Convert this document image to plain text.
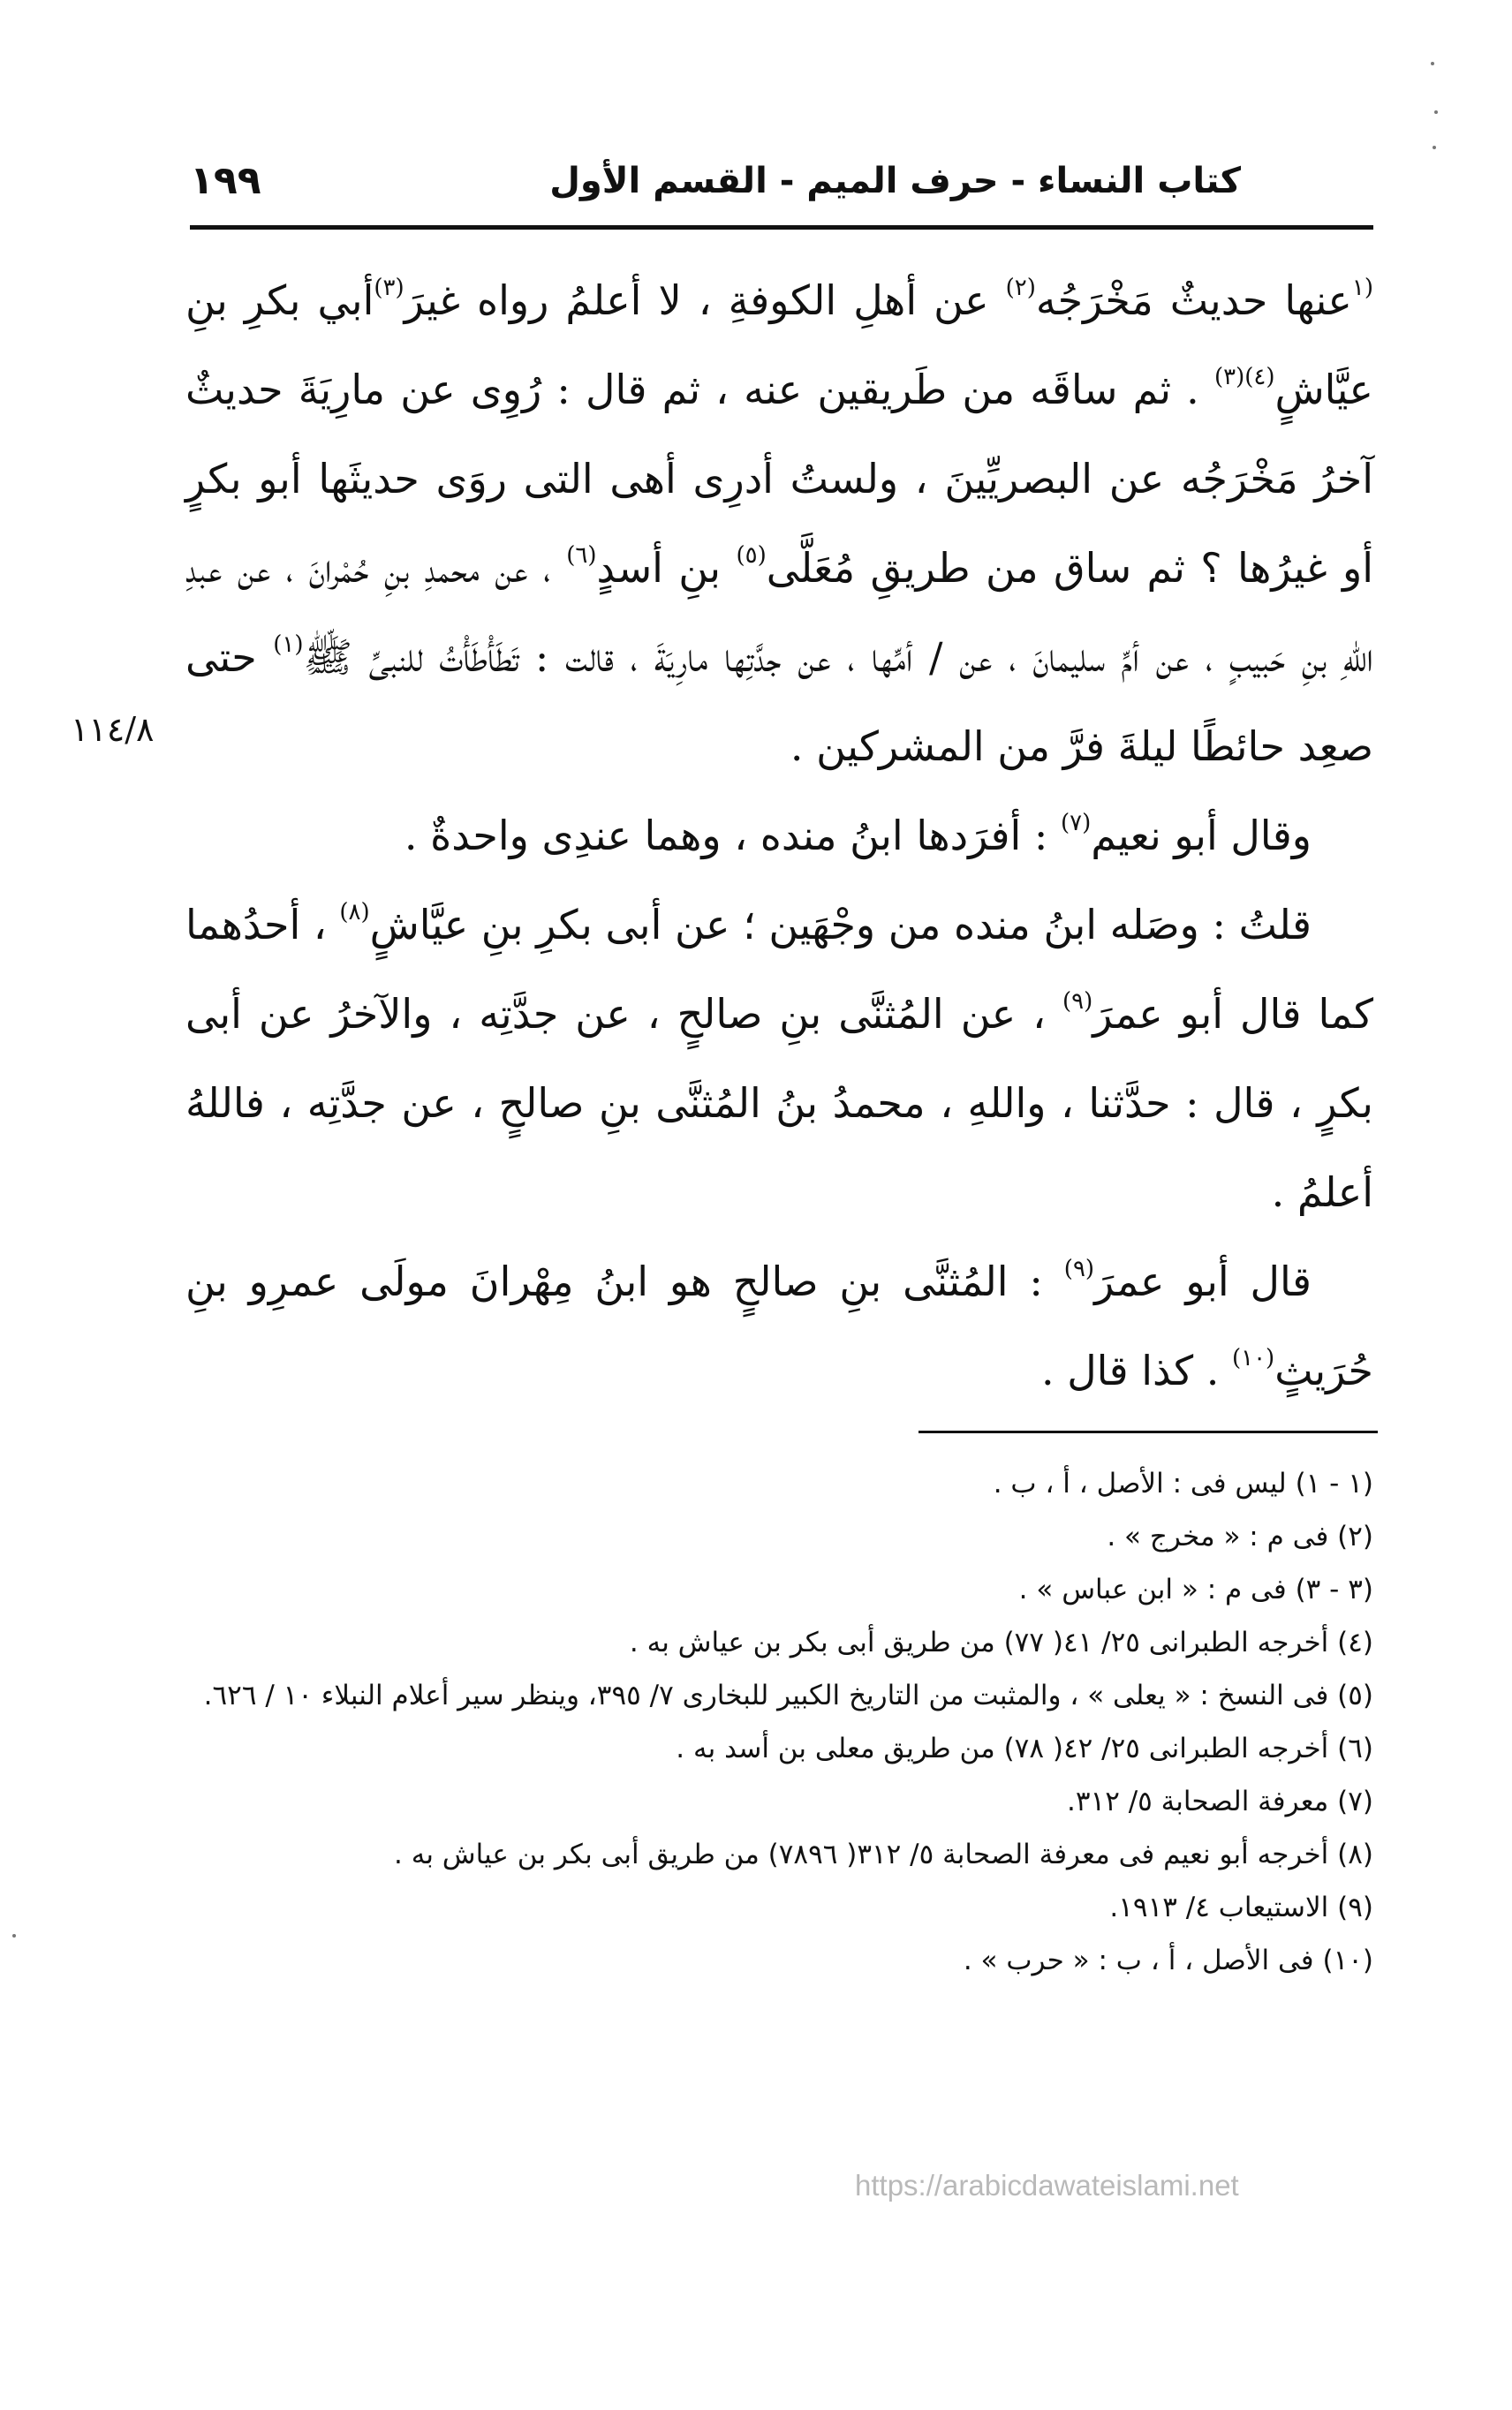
١٩٩	كتاب النساء - حرف الميم - القسم الأول
١١٤/٨

$^{(١}$عنها حديثٌ مَخْرَجُه$^{(٢)}$ عن أهلِ الكوفةِ ، لا أعلمُ رواه غيرَ$^{(٣)}$أبي بكرِ بنِ عيَّاشٍ$^{(٤)(٣)}$ . ثم ساقَه من طَريقين عنه ، ثم قال : رُوِى عن مارِيَةَ حديثٌ آخرُ مَخْرَجُه عن البصريِّينَ ، ولستُ أدرِى أهى التى روَى حديثَها أبو بكرٍ أو غيرُها ؟ ثم ساق من طريقِ مُعَلَّى$^{(٥)}$ بنِ أسدٍ$^{(٦)}$ ، عن محمدِ بنِ حُمْرانَ ، عن عبدِ اللهِ بنِ حَبيبٍ ، عن أمِّ سليمانَ ، عن / أمِّها ، عن جدَّتِها مارِيَةَ ، قالت : تَطَأْطَأْتُ للنبىِّ ﷺ$^{(١)}$ حتى صعِد حائطًا ليلةَ فرَّ من المشركين .

وقال أبو نعيم$^{(٧)}$ : أفرَدها ابنُ منده ، وهما عندِى واحدةٌ .

قلتُ : وصَله ابنُ منده من وجْهَين ؛ عن أبى بكرِ بنِ عيَّاشٍ$^{(٨)}$ ، أحدُهما كما قال أبو عمرَ$^{(٩)}$ ، عن المُثنَّى بنِ صالحٍ ، عن جدَّتِه ، والآخرُ عن أبى بكرٍ ، قال : حدَّثنا ، واللهِ ، محمدُ بنُ المُثنَّى بنِ صالحٍ ، عن جدَّتِه ، فاللهُ أعلمُ .

قال أبو عمرَ$^{(٩)}$ : المُثنَّى بنِ صالحٍ هو ابنُ مِهْرانَ مولَى عمرِو بنِ حُرَيثٍ$^{(١٠)}$ . كذا قال .

(١ - ١) ليس فى : الأصل ، أ ، ب .

(٢) فى م : « مخرج » .

(٣ - ٣) فى م : « ابن عباس » .

(٤) أخرجه الطبرانى ٢٥/ ٤١( ٧٧) من طريق أبى بكر بن عياش به .

(٥) فى النسخ : « يعلى » ، والمثبت من التاريخ الكبير للبخارى ٧/ ٣٩٥، وينظر سير أعلام النبلاء ١٠ / ٦٢٦.

(٦) أخرجه الطبرانى ٢٥/ ٤٢( ٧٨) من طريق معلى بن أسد به .

(٧) معرفة الصحابة ٥/ ٣١٢.

(٨) أخرجه أبو نعيم فى معرفة الصحابة ٥/ ٣١٢( ٧٨٩٦) من طريق أبى بكر بن عياش به .

(٩) الاستيعاب ٤/ ١٩١٣.

(١٠) فى الأصل ، أ ، ب : « حرب » .

https://arabicdawateislami.net
